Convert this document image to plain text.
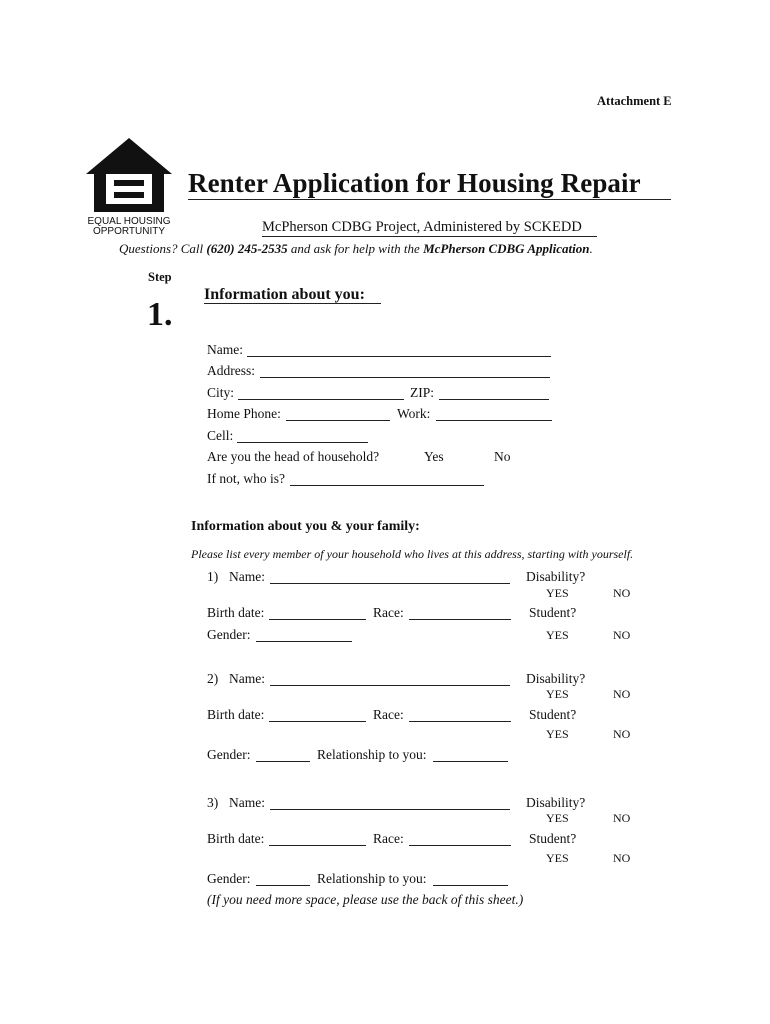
Attachment E
EQUAL HOUSING
OPPORTUNITY
Renter Application for Housing Repair
McPherson CDBG Project, Administered by SCKEDD
Questions? Call (620) 245-2535 and ask for help with the McPherson CDBG Application.
Step
1.
Information about you:
Name:
Address:
City:	ZIP:
Home Phone:	Work:
Cell:
Are you the head of household?	Yes	No
If not, who is?
Information about you & your family:
Please list every member of your household who lives at this address, starting with yourself.
1) Name:	Disability?
YES	NO
Birth date:	Race:	Student?
Gender:	YES	NO
2) Name:	Disability?
YES	NO
Birth date:	Race:	Student?
YES	NO
Gender:	Relationship to you:
3) Name:	Disability?
YES	NO
Birth date:	Race:	Student?
YES	NO
Gender:	Relationship to you:
(If you need more space, please use the back of this sheet.)
